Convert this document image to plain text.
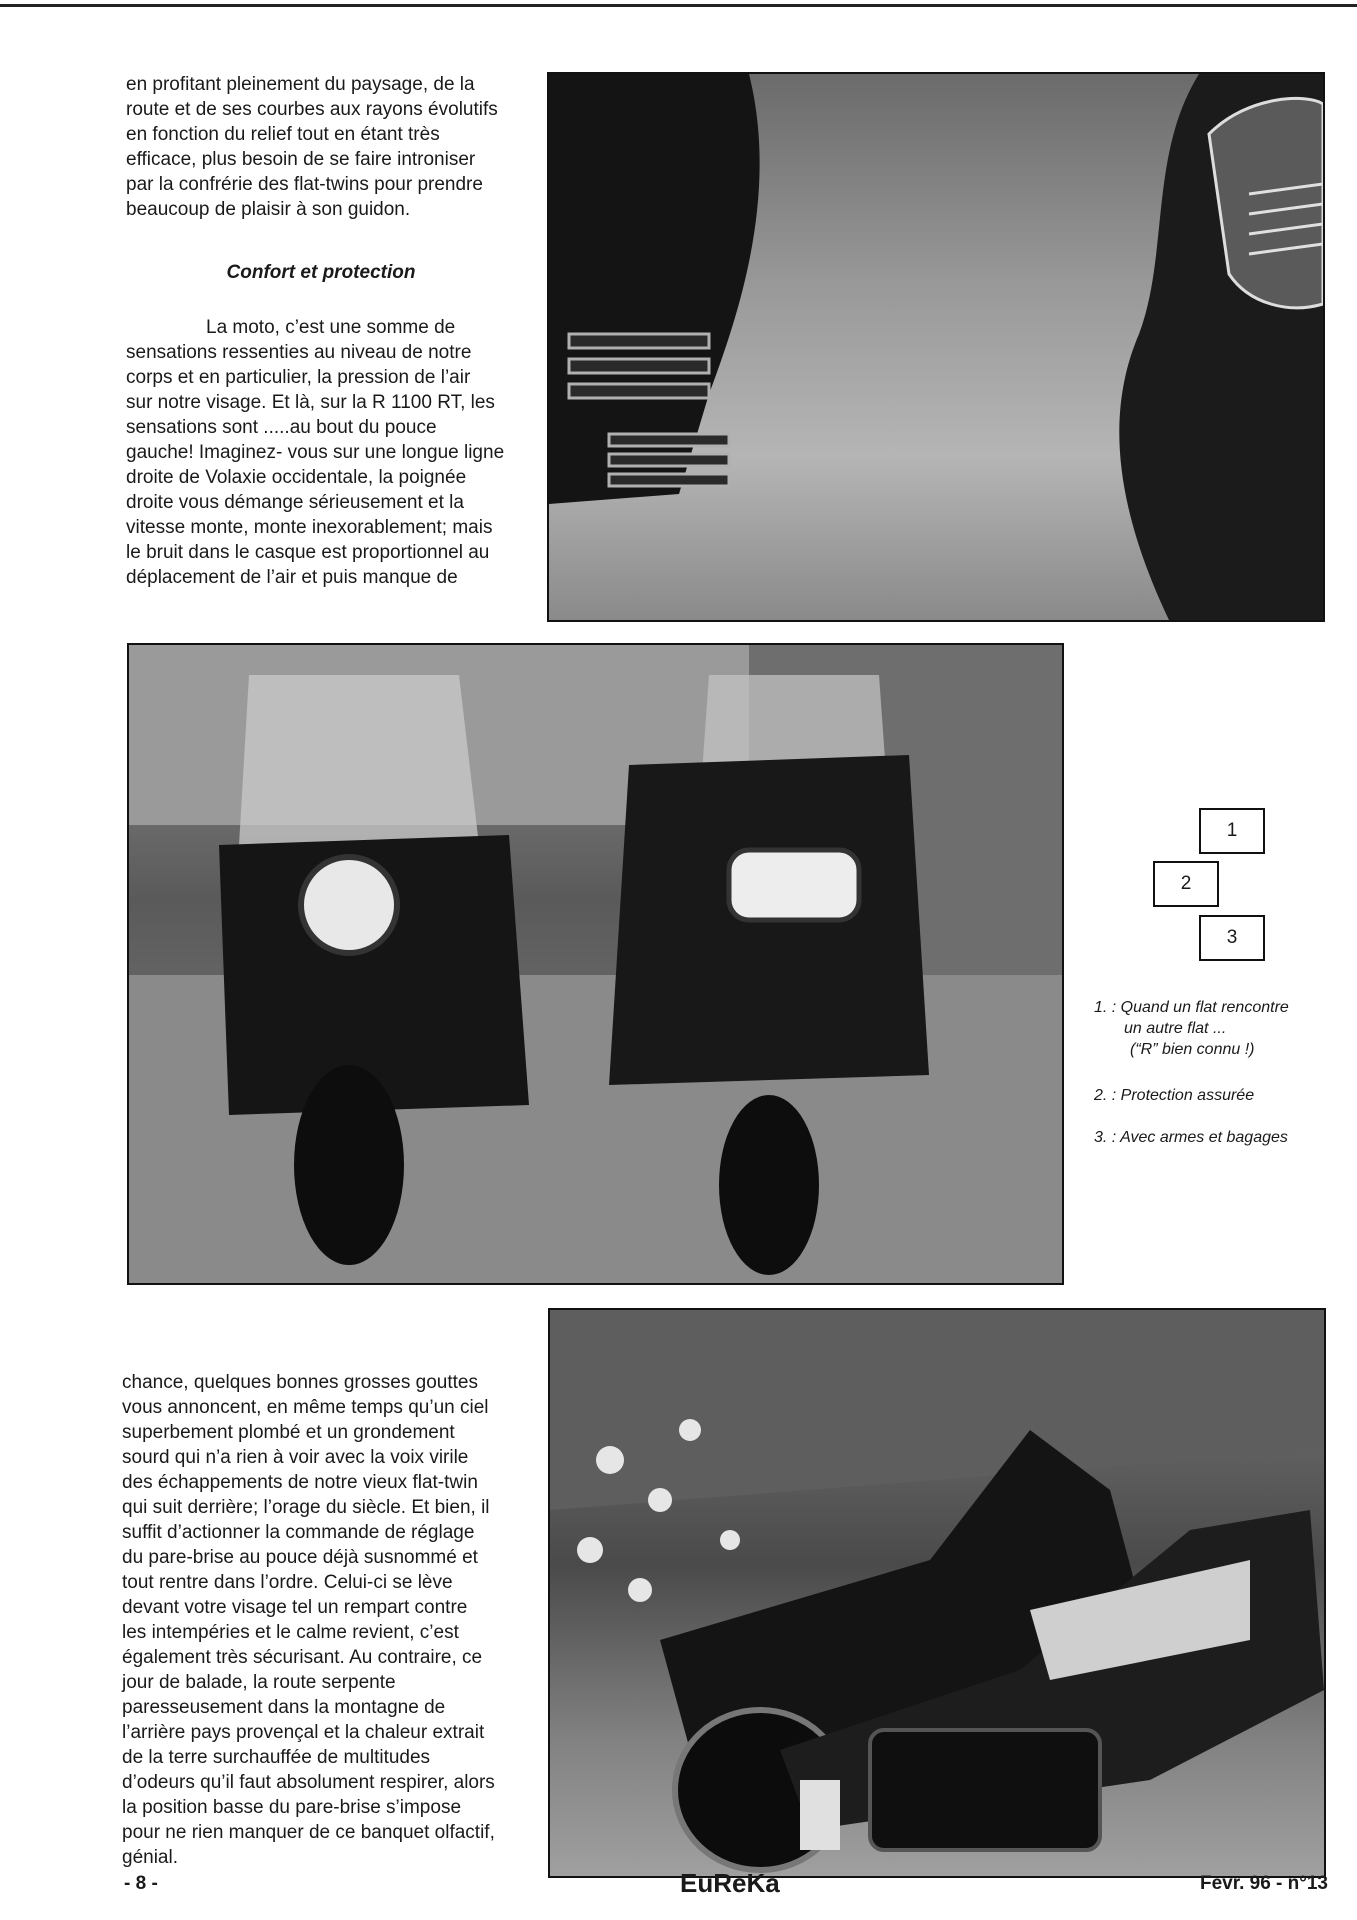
en profitant pleinement du paysage, de la

route et de ses courbes aux rayons évolutifs

en fonction du relief tout en étant très

efficace, plus besoin de se faire introniser

par la confrérie des flat-twins pour prendre

beaucoup de plaisir à son guidon.

Confort et protection

La moto, c’est une somme de

sensations ressenties au niveau de notre

corps et en particulier, la pression de l’air

sur notre visage. Et là, sur la R 1100 RT, les

sensations sont .....au bout du pouce

gauche! Imaginez- vous sur une longue ligne

droite de Volaxie occidentale, la poignée

droite vous démange sérieusement et la

vitesse monte, monte inexorablement; mais

le bruit dans le casque est proportionnel au

déplacement de l’air et puis manque de

1
2
3
1. : Quand un flat rencontre
un autre flat ...
(“R” bien connu !)
2. : Protection assurée
3. : Avec armes et bagages

chance, quelques bonnes grosses gouttes

vous annoncent, en même temps qu’un ciel

superbement plombé et un grondement

sourd qui n’a rien à voir avec la voix virile

des échappements de notre vieux flat-twin

qui suit derrière; l’orage du siècle. Et bien, il

suffit d’actionner la commande de réglage

du pare-brise au pouce déjà susnommé et

tout rentre dans l’ordre. Celui-ci se lève

devant votre visage tel un rempart contre

les intempéries et le calme revient, c’est

également très sécurisant. Au contraire, ce

jour de balade, la route serpente

paresseusement dans la montagne de

l’arrière pays provençal et la chaleur extrait

de la terre surchauffée de multitudes

d’odeurs qu’il faut absolument respirer, alors

la position basse du pare-brise s’impose

pour ne rien manquer de ce banquet olfactif,

génial.

- 8 -	EuReKa	Fevr. 96 - n°13
